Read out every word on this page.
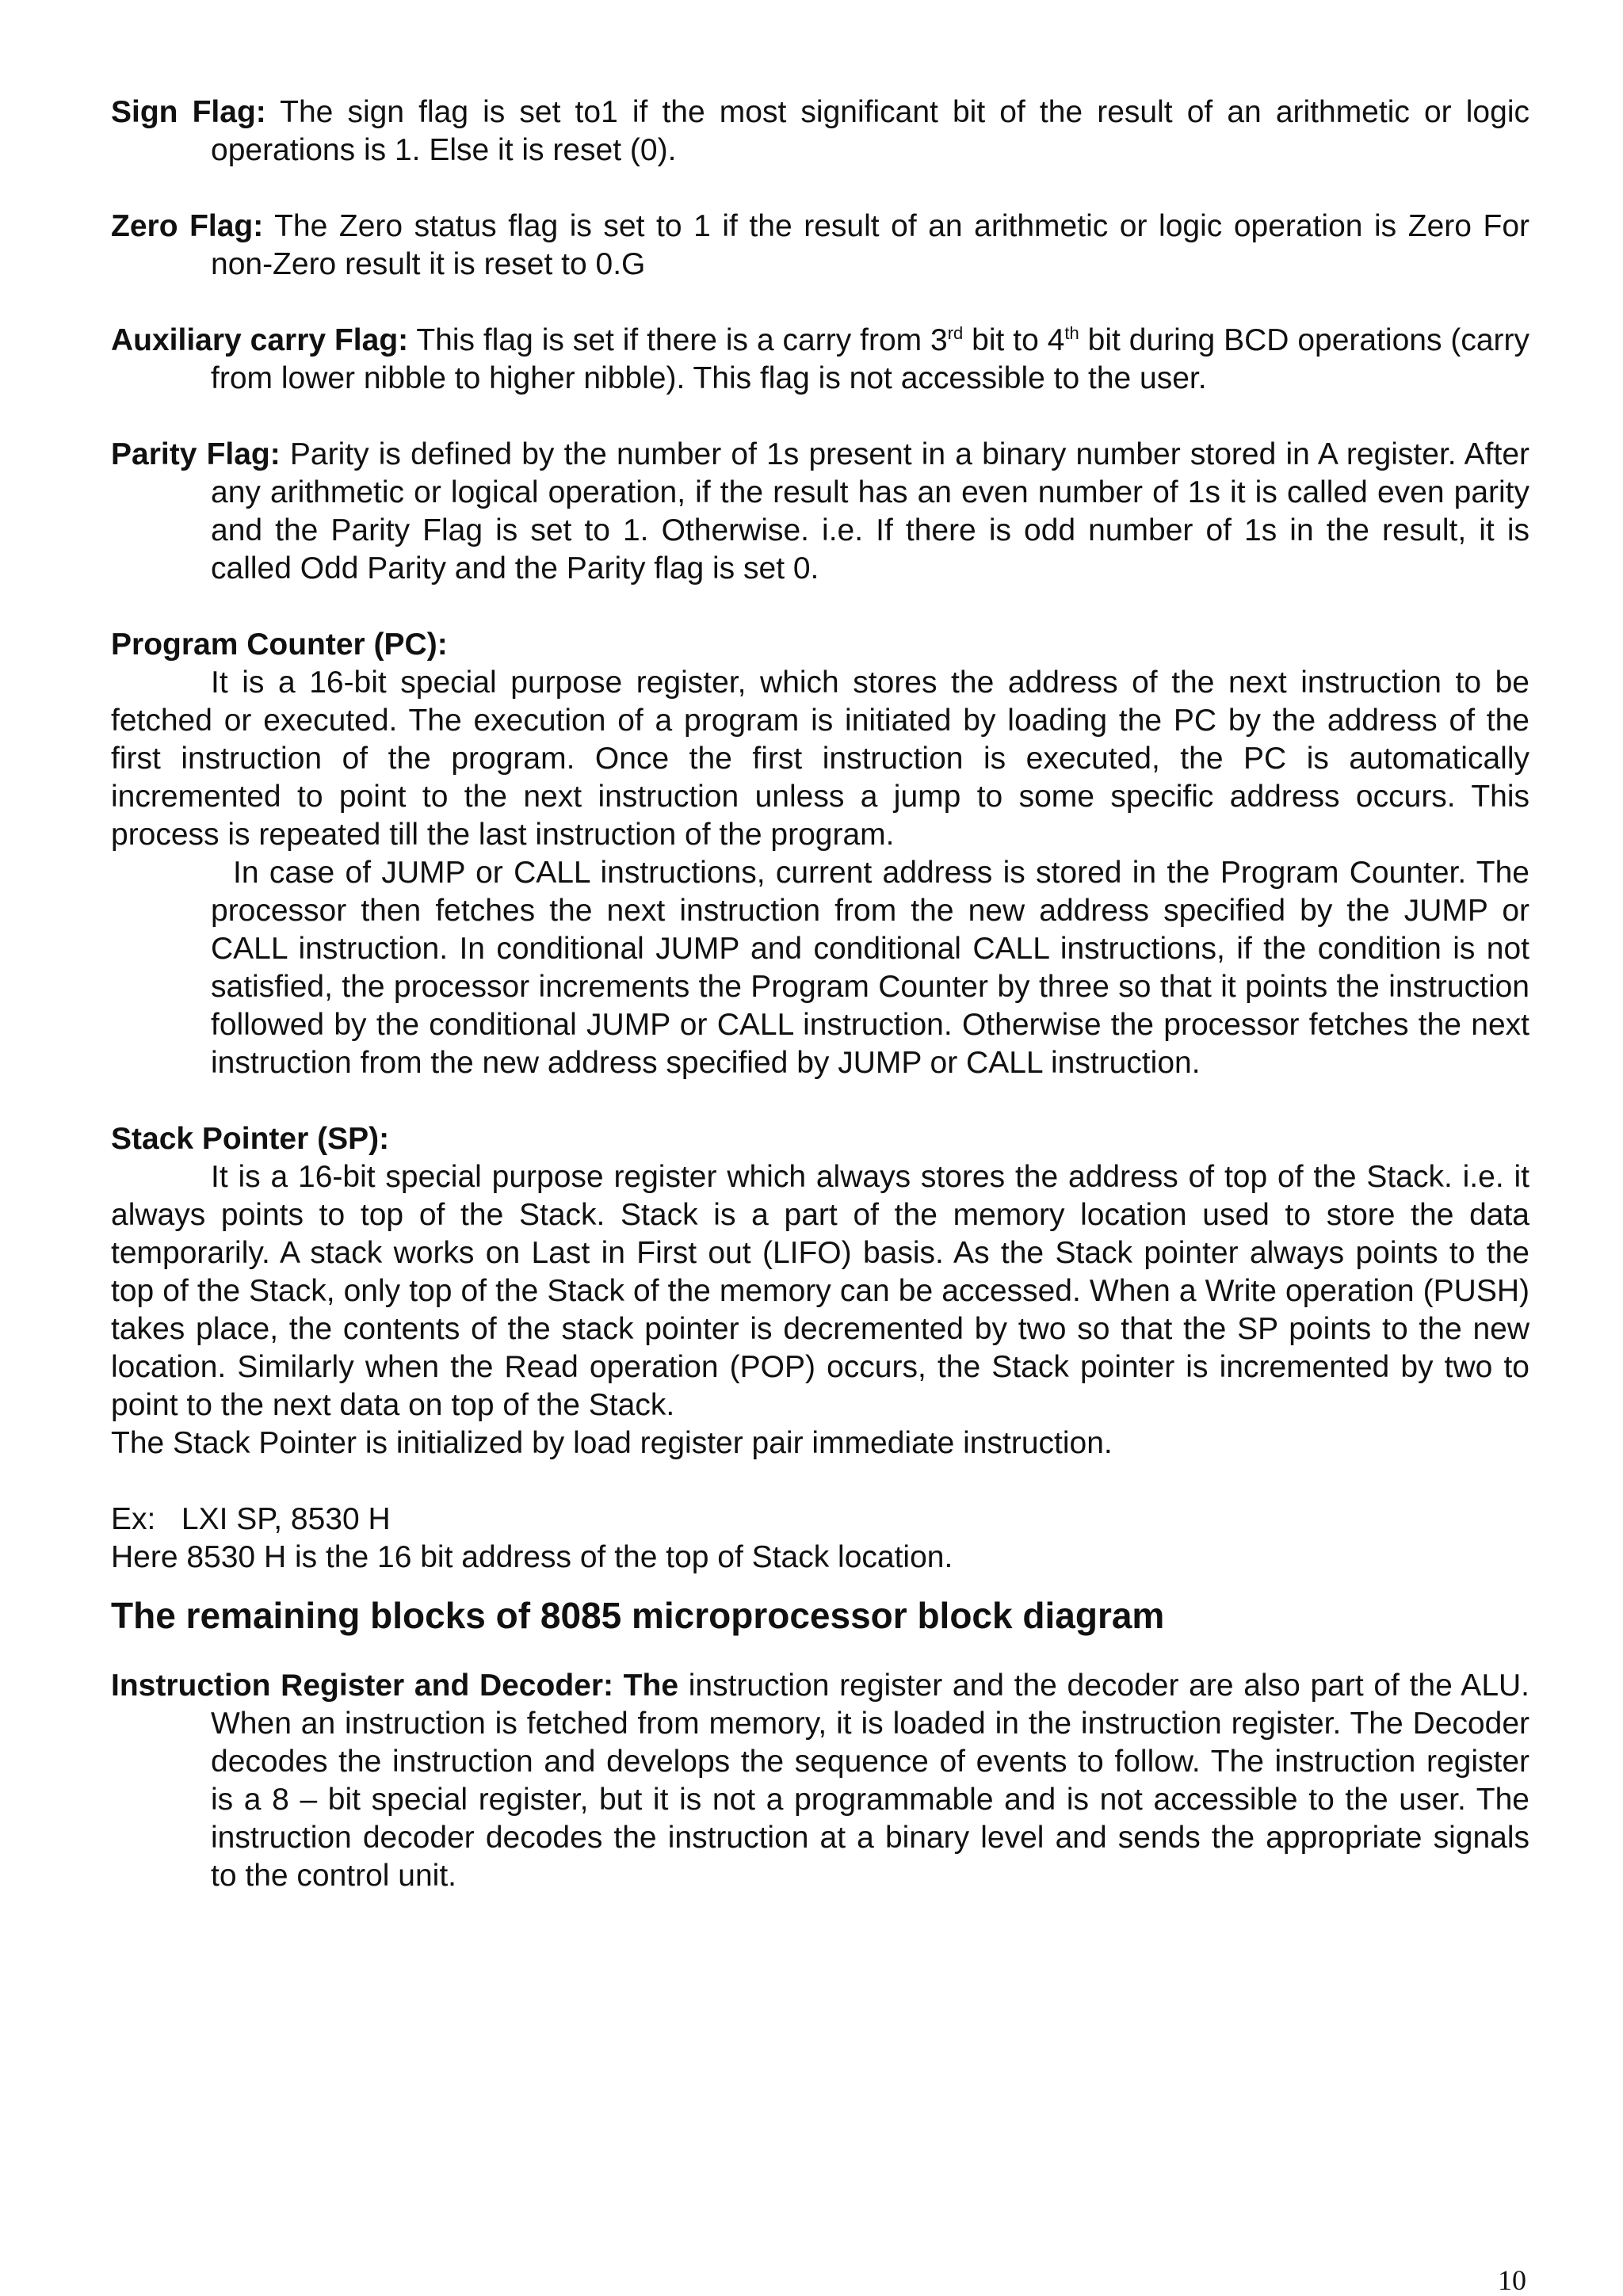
Sign Flag: The sign flag is set to1 if the most significant bit of the result of an arithmetic or logic operations is 1. Else it is reset (0).

Zero Flag: The Zero status flag is set to 1 if the result of an arithmetic or logic operation is Zero For non-Zero result it is reset to 0.G

Auxiliary carry Flag: This flag is set if there is a carry from 3rd bit to 4th bit during BCD operations (carry from lower nibble to higher nibble). This flag is not accessible to the user.

Parity Flag: Parity is defined by the number of 1s present in a binary number stored in A register. After any arithmetic or logical operation, if the result has an even number of 1s it is called even parity and the Parity Flag is set to 1. Otherwise. i.e. If there is odd number of 1s in the result, it is called Odd Parity and the Parity flag is set 0.

Program Counter (PC):

It is a 16-bit special purpose register, which stores the address of the next instruction to be fetched or executed. The execution of a program is initiated by loading the PC by the address of the first instruction of the program. Once the first instruction is executed, the PC is automatically incremented to point to the next instruction unless a jump to some specific address occurs. This process is repeated till the last instruction of the program.

In case of JUMP or CALL instructions, current address is stored in the Program Counter. The processor then fetches the next instruction from the new address specified by the JUMP or CALL instruction. In conditional JUMP and conditional CALL instructions, if the condition is not satisfied, the processor increments the Program Counter by three so that it points the instruction followed by the conditional JUMP or CALL instruction. Otherwise the processor fetches the next instruction from the new address specified by JUMP or CALL instruction.

Stack Pointer (SP):

It is a 16-bit special purpose register which always stores the address of top of the Stack. i.e. it always points to top of the Stack. Stack is a part of the memory location used to store the data temporarily. A stack works on Last in First out (LIFO) basis. As the Stack pointer always points to the top of the Stack, only top of the Stack of the memory can be accessed. When a Write operation (PUSH) takes place, the contents of the stack pointer is decremented by two so that the SP points to the new location. Similarly when the Read operation (POP) occurs, the Stack pointer is incremented by two to point to the next data on top of the Stack.

The Stack Pointer is initialized by load register pair immediate instruction.

Ex: LXI SP, 8530 H

Here 8530 H is the 16 bit address of the top of Stack location.

The remaining blocks of 8085 microprocessor block diagram

Instruction Register and Decoder: The instruction register and the decoder are also part of the ALU. When an instruction is fetched from memory, it is loaded in the instruction register. The Decoder decodes the instruction and develops the sequence of events to follow. The instruction register is a 8 – bit special register, but it is not a programmable and is not accessible to the user. The instruction decoder decodes the instruction at a binary level and sends the appropriate signals to the control unit.

10
